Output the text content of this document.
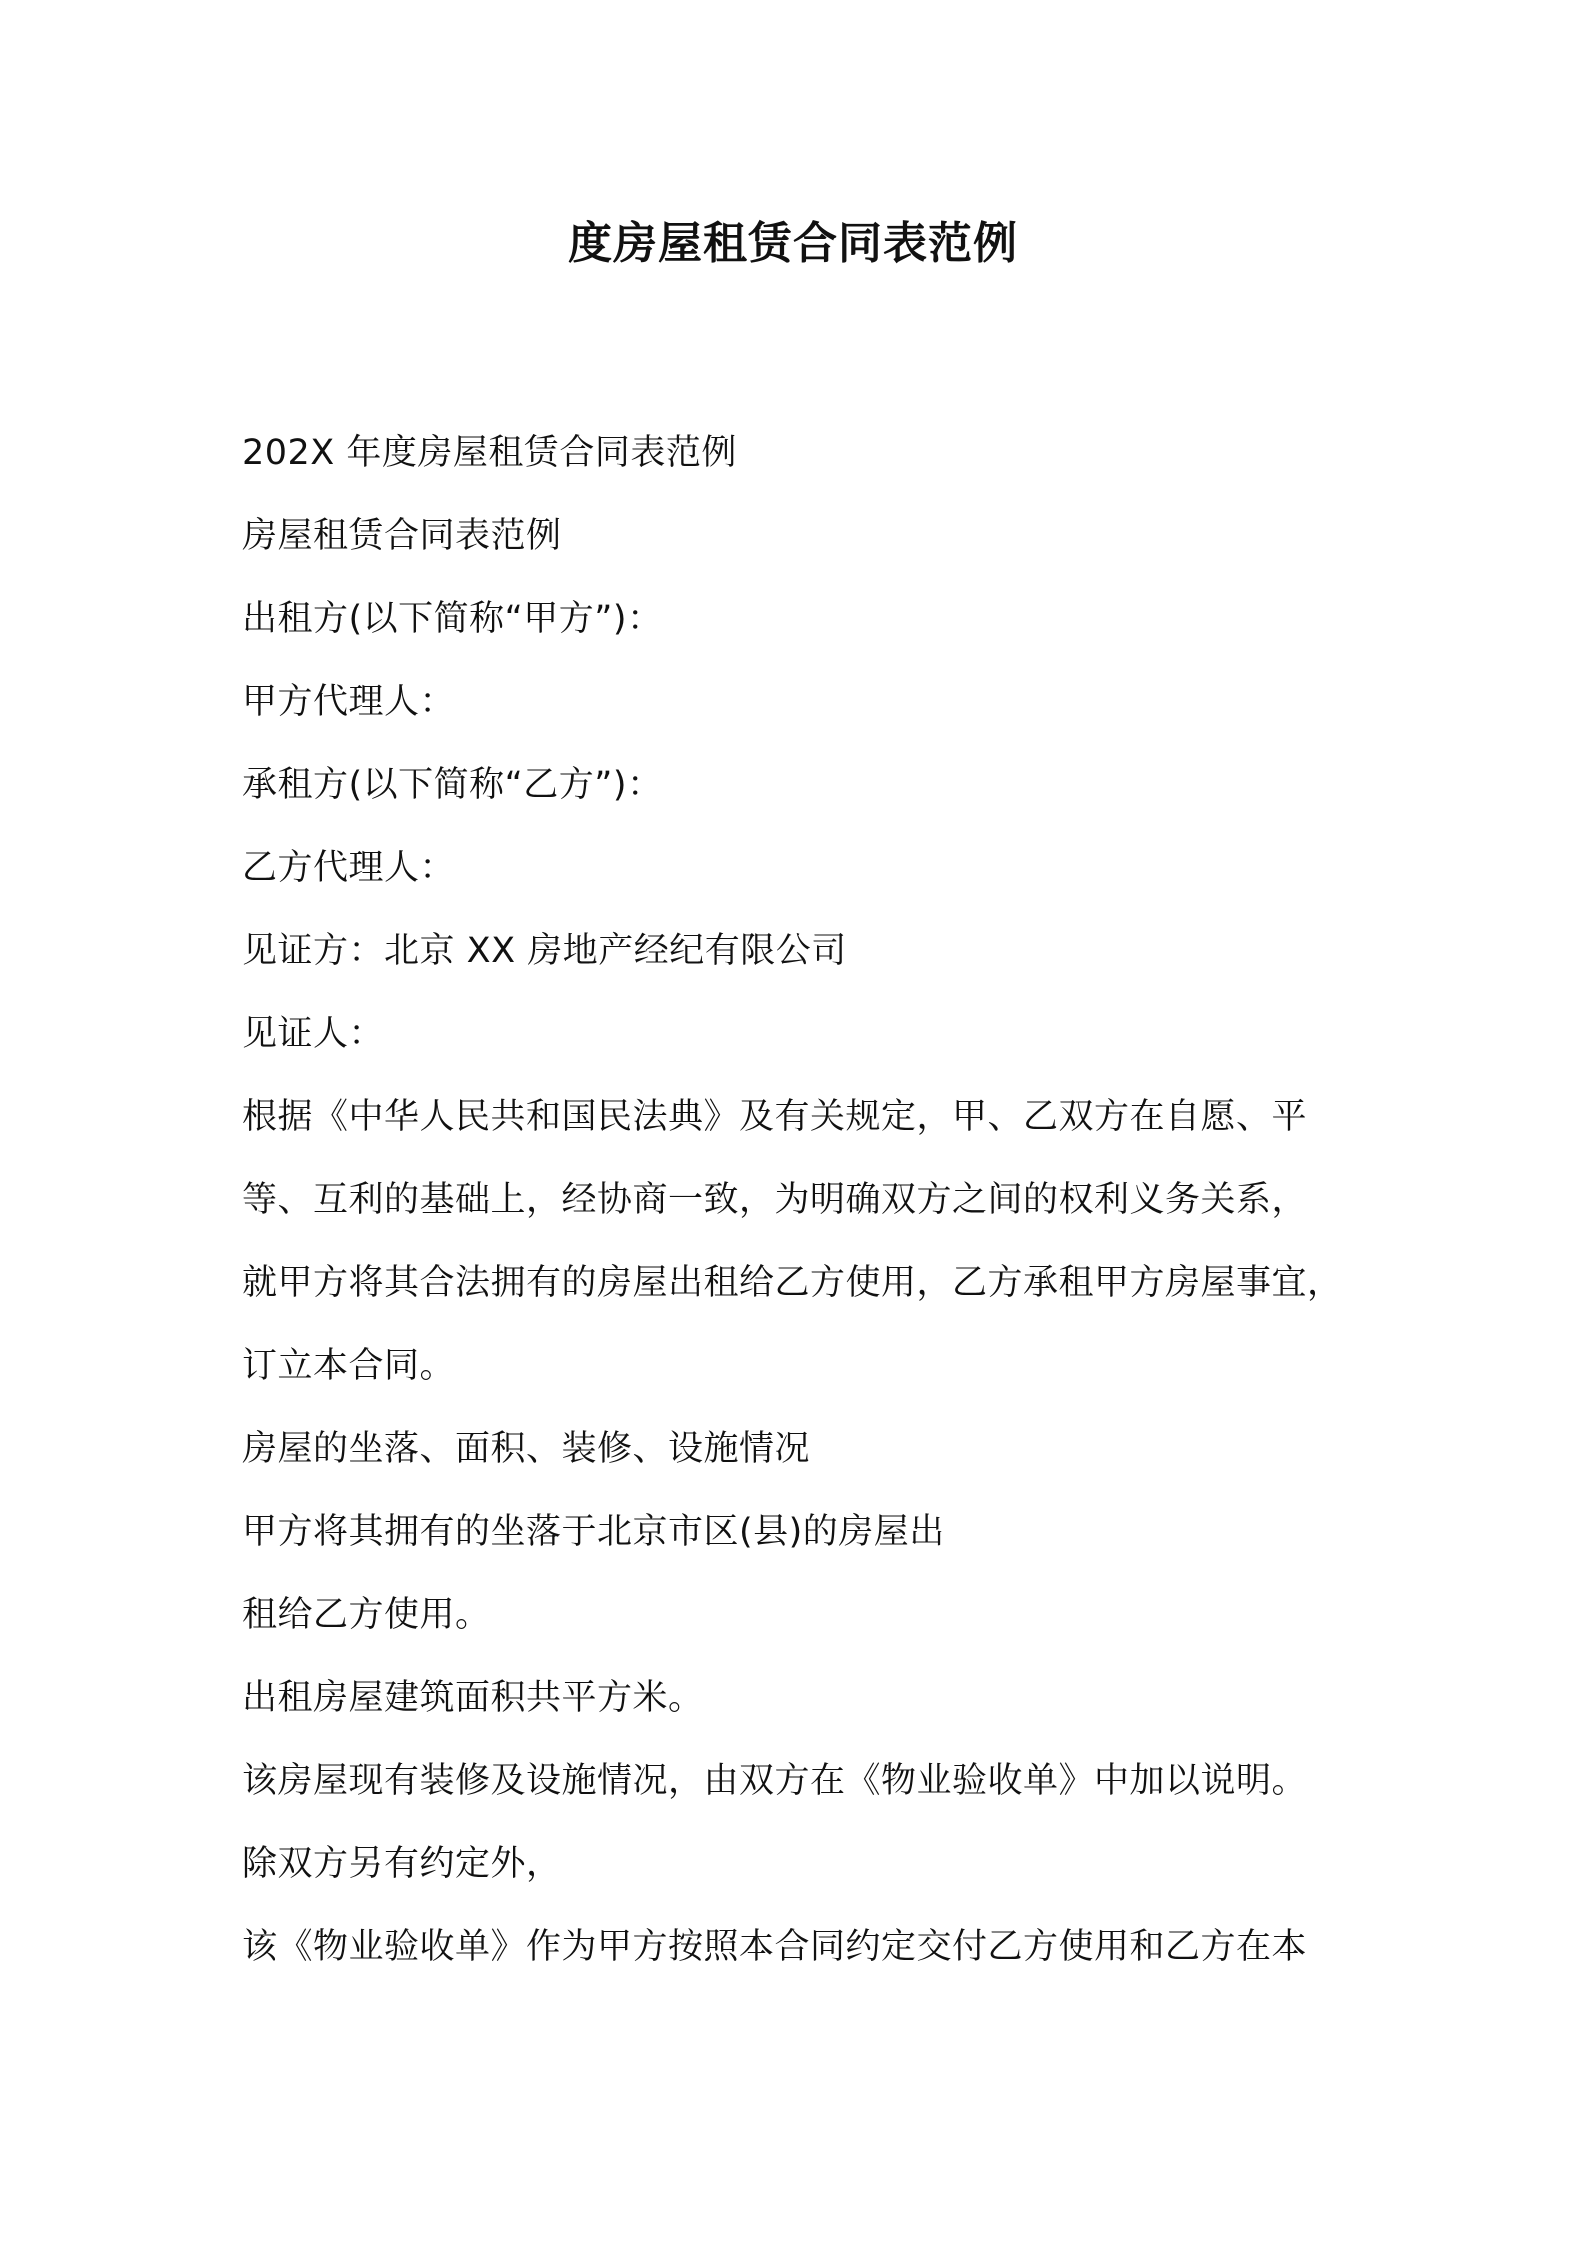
度房屋租赁合同表范例

202X 年度房屋租赁合同表范例

房屋租赁合同表范例

出租方(以下简称“甲方”)：

甲方代理人：

承租方(以下简称“乙方”)：

乙方代理人：

见证方：北京 XX 房地产经纪有限公司

见证人：

根据《中华人民共和国民法典》及有关规定，甲、乙双方在自愿、平

等、互利的基础上，经协商一致，为明确双方之间的权利义务关系，

就甲方将其合法拥有的房屋出租给乙方使用，乙方承租甲方房屋事宜，

订立本合同。

房屋的坐落、面积、装修、设施情况

甲方将其拥有的坐落于北京市区(县)的房屋出

租给乙方使用。

出租房屋建筑面积共平方米。

该房屋现有装修及设施情况，由双方在《物业验收单》中加以说明。

除双方另有约定外，

该《物业验收单》作为甲方按照本合同约定交付乙方使用和乙方在本
